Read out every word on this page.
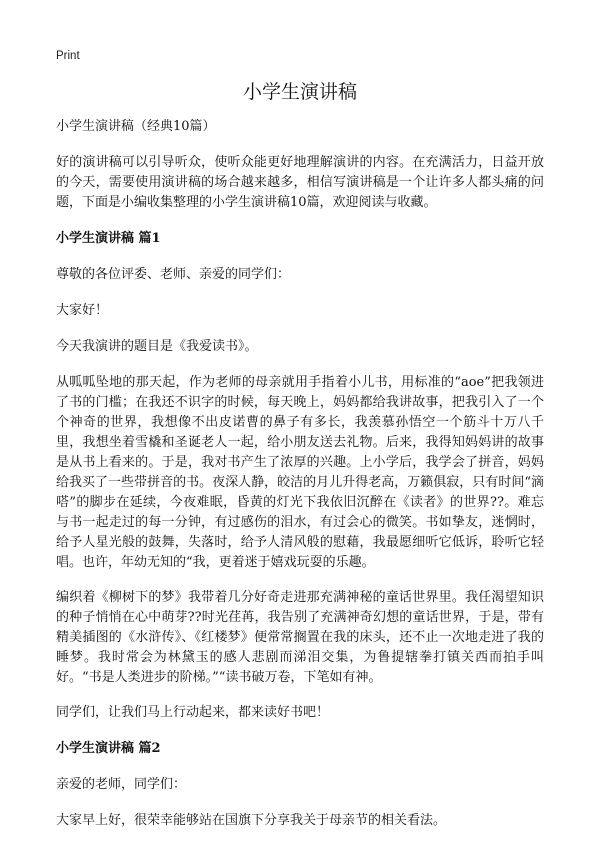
Print
小学生演讲稿

小学生演讲稿（经典10篇）

好的演讲稿可以引导听众，使听众能更好地理解演讲的内容。在充满活力，日益开放的今天，需要使用演讲稿的场合越来越多，相信写演讲稿是一个让许多人都头痛的问题，下面是小编收集整理的小学生演讲稿10篇，欢迎阅读与收藏。

小学生演讲稿 篇1

尊敬的各位评委、老师、亲爱的同学们：

大家好！

今天我演讲的题目是《我爱读书》。

从呱呱坠地的那天起，作为老师的母亲就用手指着小儿书，用标准的“aoe”把我领进了书的门槛；在我还不识字的时候，每天晚上，妈妈都给我讲故事，把我引入了一个个神奇的世界，我想像不出皮诺曹的鼻子有多长，我羡慕孙悟空一个筋斗十万八千里，我想坐着雪橇和圣诞老人一起，给小朋友送去礼物。后来，我得知妈妈讲的故事是从书上看来的。于是，我对书产生了浓厚的兴趣。上小学后，我学会了拼音，妈妈给我买了一些带拼音的书。夜深人静，皎洁的月儿升得老高，万籁俱寂，只有时间“滴嗒”的脚步在延续，今夜难眠，昏黄的灯光下我依旧沉醉在《读者》的世界??。难忘与书一起走过的每一分钟，有过感伤的泪水，有过会心的微笑。书如挚友，迷惘时，给予人星光般的鼓舞，失落时，给予人清风般的慰藉，我最愿细听它低诉，聆听它轻唱。也许，年幼无知的“我，更着迷于嬉戏玩耍的乐趣。

编织着《柳树下的梦》我带着几分好奇走进那充满神秘的童话世界里。我任渴望知识的种子悄悄在心中萌芽??时光荏苒，我告别了充满神奇幻想的童话世界，于是，带有精美插图的《水浒传》、《红楼梦》便常常搁置在我的床头，还不止一次地走进了我的睡梦。我时常会为林黛玉的感人悲剧而涕泪交集，为鲁提辖拳打镇关西而拍手叫好。“书是人类进步的阶梯。”“读书破万卷，下笔如有神。

同学们，让我们马上行动起来，都来读好书吧！

小学生演讲稿 篇2

亲爱的老师，同学们：

大家早上好，很荣幸能够站在国旗下分享我关于母亲节的相关看法。
